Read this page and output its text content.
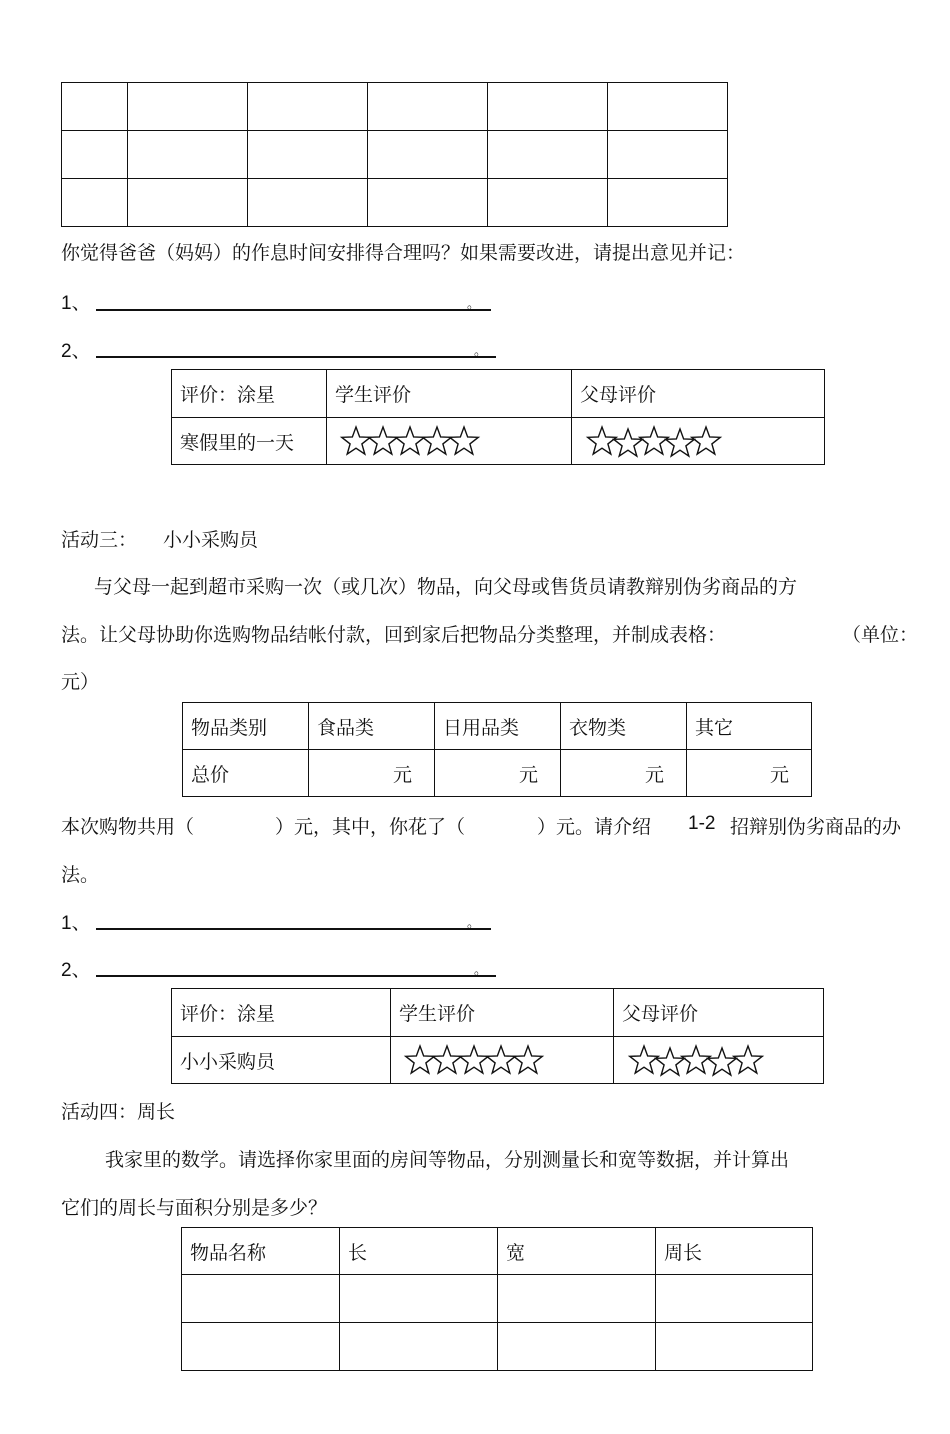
你觉得爸爸（妈妈）的作息时间安排得合理吗？如果需要改进，请提出意见并记：
1、	。
2、	。
评价：涂星	学生评价	父母评价
寒假里的一天	

活动三： 小小采购员
与父母一起到超市采购一次（或几次）物品，向父母或售货员请教辩别伪劣商品的方
法。让父母协助你选购物品结帐付款，回到家后把物品分类整理，并制成表格：	（单位：
元）
物品类别	食品类	日用品类	衣物类	其它
总价	元	元	元	元
本次购物共用（	）元，其中，你花了（	）元。请介绍 1-2 招辩别伪劣商品的办
法。
1、	。
2、	。
评价：涂星	学生评价	父母评价
小小采购员	

活动四：周长
我家里的数学。请选择你家里面的房间等物品，分别测量长和宽等数据，并计算出
它们的周长与面积分别是多少？
物品名称	长	宽	周长
